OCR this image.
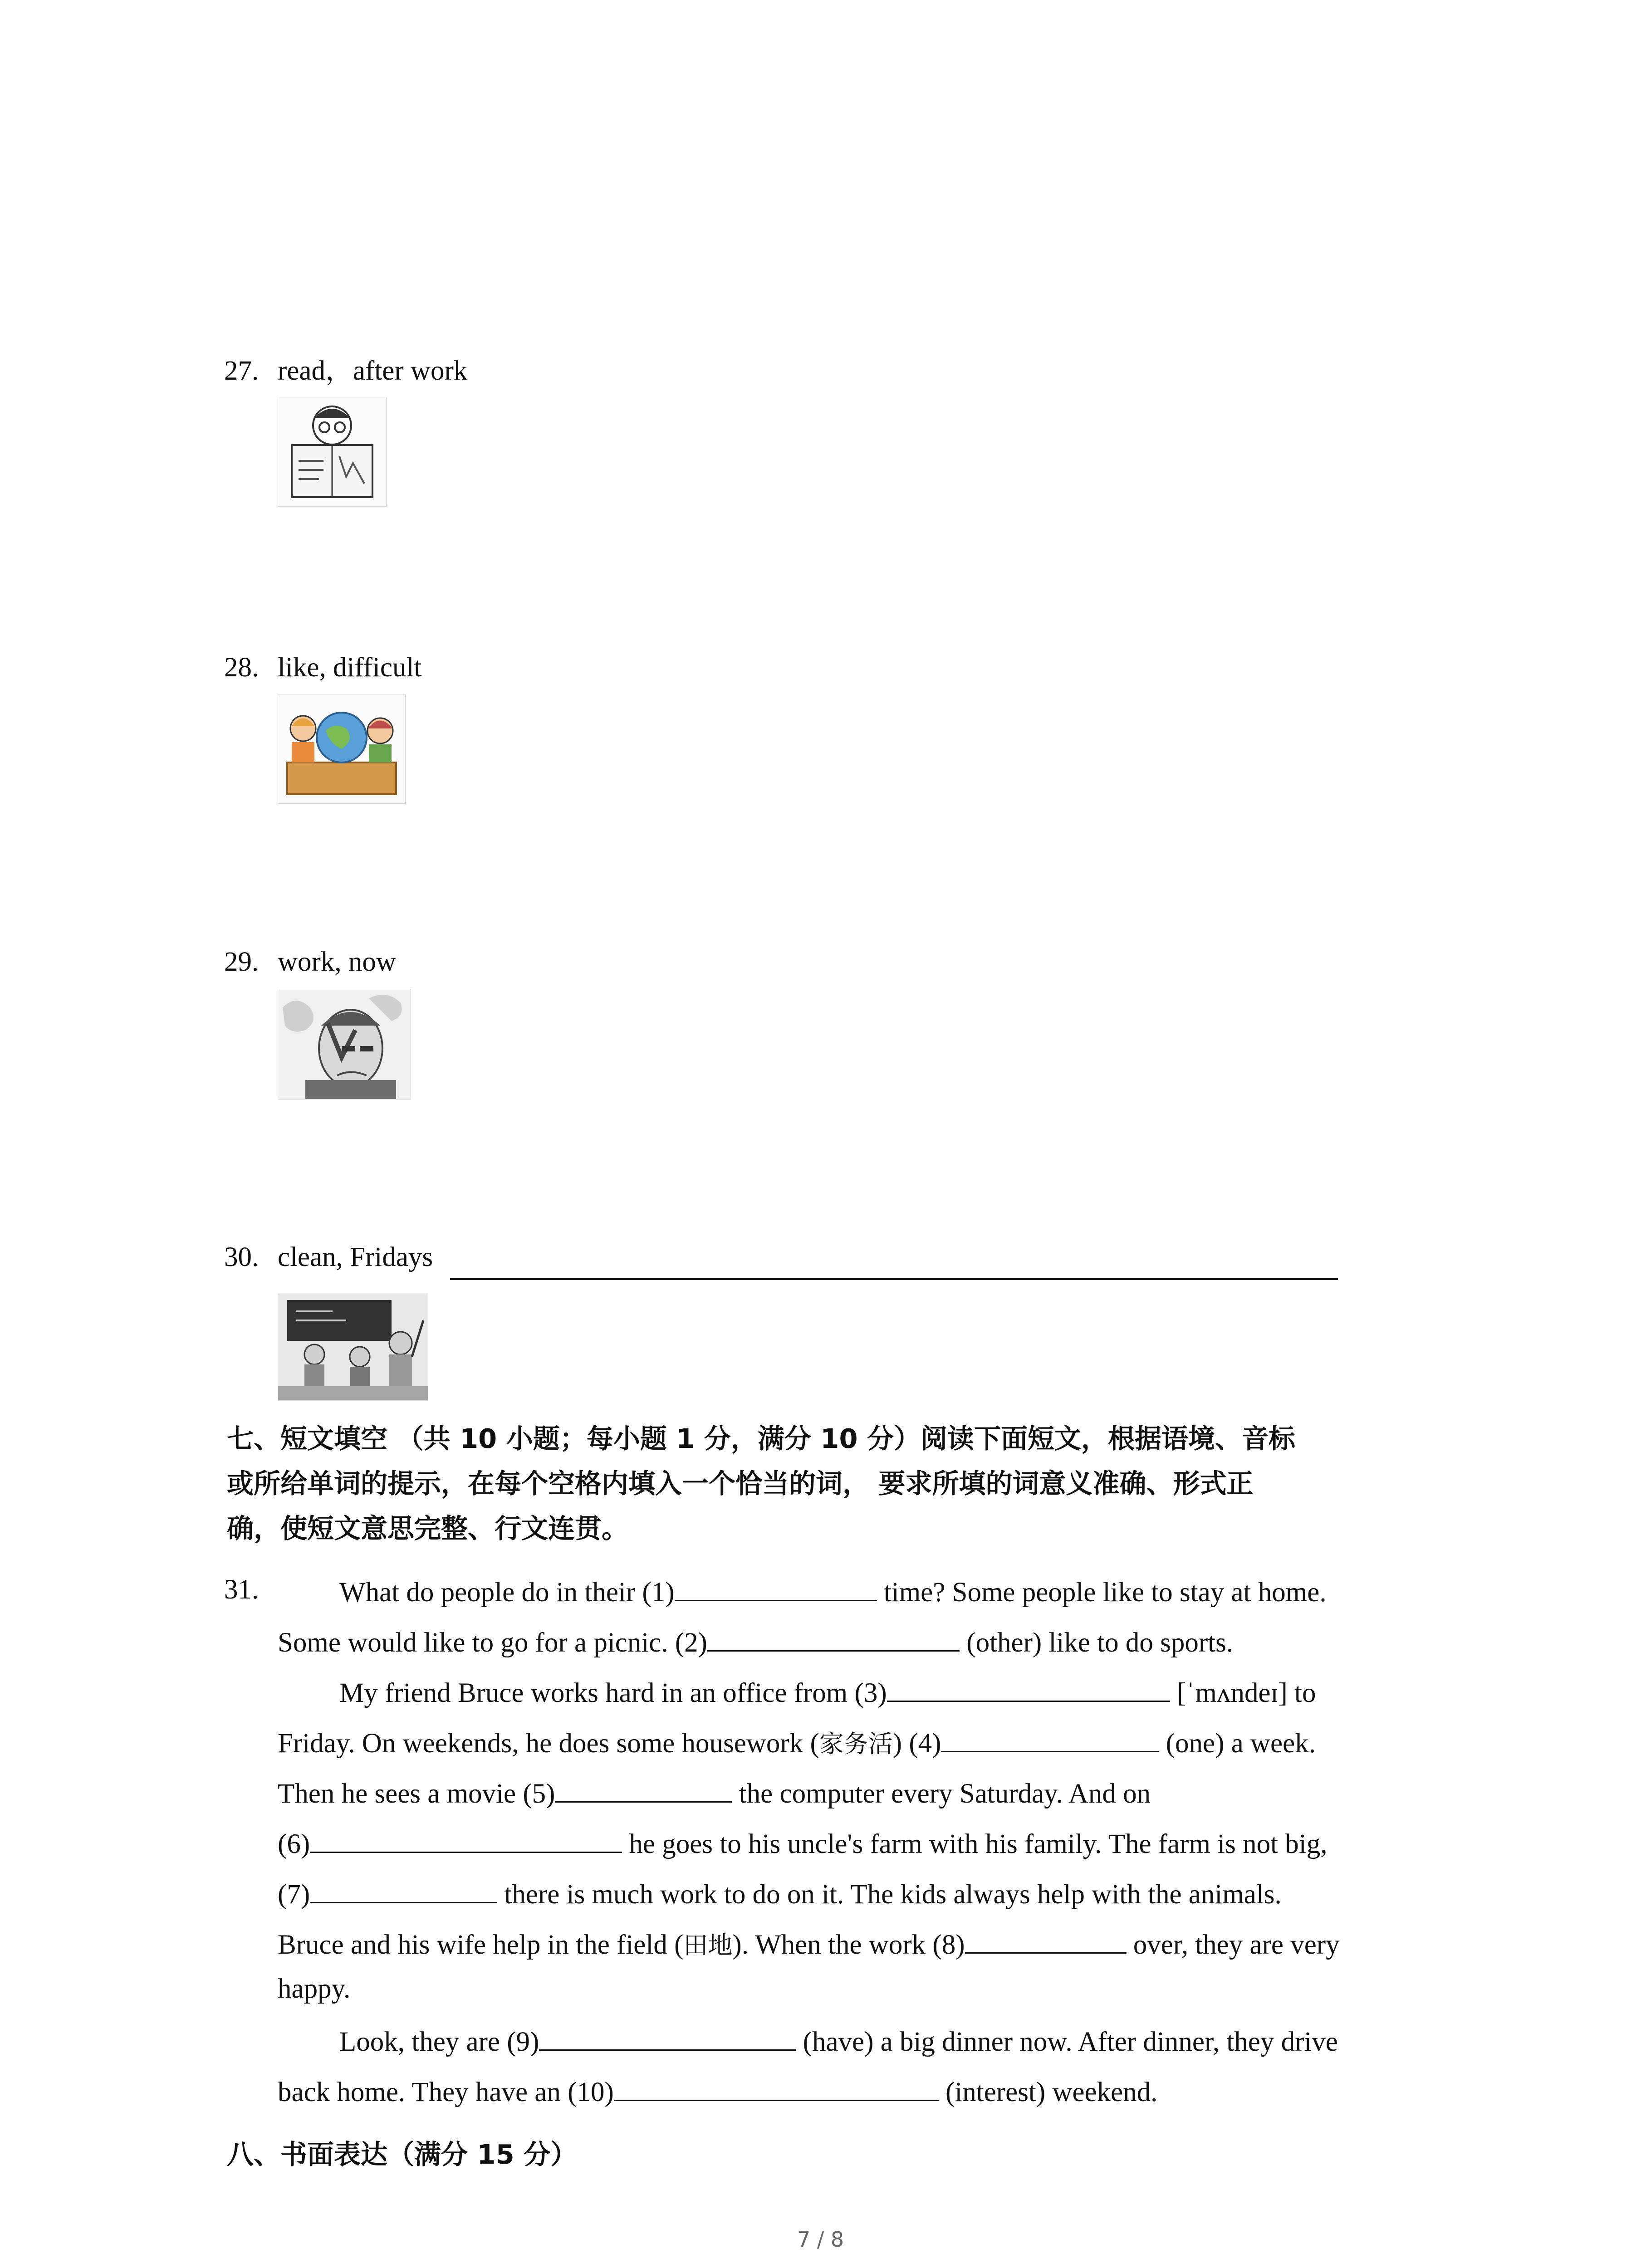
27. read，after work
28. like, difficult
29. work, now
30. clean, Fridays
七、短文填空 （共 10 小题；每小题 1 分，满分 10 分）阅读下面短文，根据语境、音标
或所给单词的提示，在每个空格内填入一个恰当的词， 要求所填的词意义准确、形式正
确，使短文意思完整、行文连贯。
31.	What do people do in their (1)	time? Some people like to stay at home.
Some would like to go for a picnic. (2)	(other) like to do sports.
My friend Bruce works hard in an office from (3)	[ˈmʌndeɪ] to
Friday. On weekends, he does some housework (家务活) (4)	(one) a week.
Then he sees a movie (5)	the computer every Saturday. And on
(6)	he goes to his uncle's farm with his family. The farm is not big,
(7)	there is much work to do on it. The kids always help with the animals.
Bruce and his wife help in the field (田地). When the work (8)	over, they are very
happy.
Look, they are (9)	(have) a big dinner now. After dinner, they drive
back home. They have an (10)	(interest) weekend.
八、书面表达（满分 15 分）
7 / 8
